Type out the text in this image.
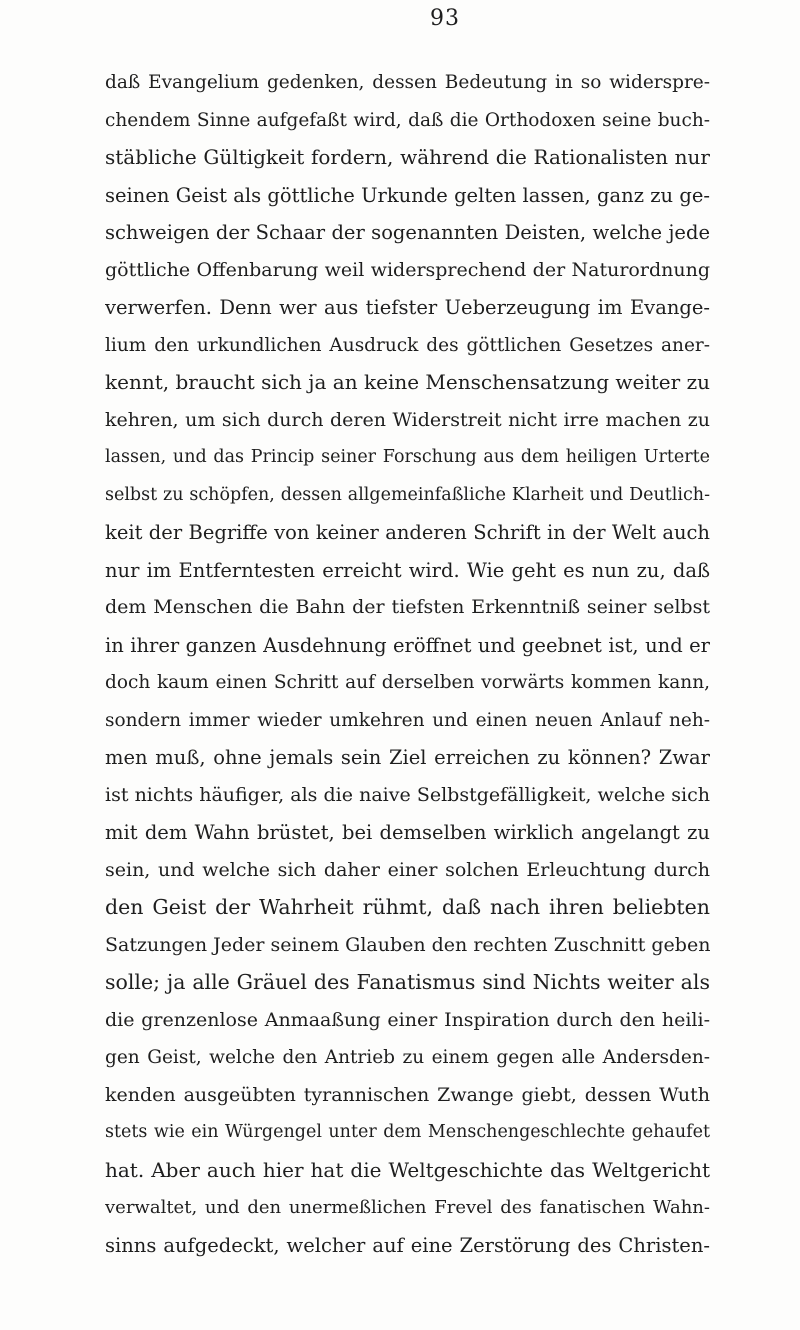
93
daß Evangelium gedenken, dessen Bedeutung in so widerspre-
chendem Sinne aufgefaßt wird, daß die Orthodoxen seine buch-
stäbliche Gültigkeit fordern, während die Rationalisten nur
seinen Geist als göttliche Urkunde gelten lassen, ganz zu ge-
schweigen der Schaar der sogenannten Deisten, welche jede
göttliche Offenbarung weil widersprechend der Naturordnung
verwerfen. Denn wer aus tiefster Ueberzeugung im Evange-
lium den urkundlichen Ausdruck des göttlichen Gesetzes aner-
kennt, braucht sich ja an keine Menschensatzung weiter zu
kehren, um sich durch deren Widerstreit nicht irre machen zu
lassen, und das Princip seiner Forschung aus dem heiligen Urterte
selbst zu schöpfen, dessen allgemeinfaßliche Klarheit und Deutlich-
keit der Begriffe von keiner anderen Schrift in der Welt auch
nur im Entferntesten erreicht wird. Wie geht es nun zu, daß
dem Menschen die Bahn der tiefsten Erkenntniß seiner selbst
in ihrer ganzen Ausdehnung eröffnet und geebnet ist, und er
doch kaum einen Schritt auf derselben vorwärts kommen kann,
sondern immer wieder umkehren und einen neuen Anlauf neh-
men muß, ohne jemals sein Ziel erreichen zu können? Zwar
ist nichts häufiger, als die naive Selbstgefälligkeit, welche sich
mit dem Wahn brüstet, bei demselben wirklich angelangt zu
sein, und welche sich daher einer solchen Erleuchtung durch
den Geist der Wahrheit rühmt, daß nach ihren beliebten
Satzungen Jeder seinem Glauben den rechten Zuschnitt geben
solle; ja alle Gräuel des Fanatismus sind Nichts weiter als
die grenzenlose Anmaaßung einer Inspiration durch den heili-
gen Geist, welche den Antrieb zu einem gegen alle Andersden-
kenden ausgeübten tyrannischen Zwange giebt, dessen Wuth
stets wie ein Würgengel unter dem Menschengeschlechte gehaufet
hat. Aber auch hier hat die Weltgeschichte das Weltgericht
verwaltet, und den unermeßlichen Frevel des fanatischen Wahn-
sinns aufgedeckt, welcher auf eine Zerstörung des Christen-
